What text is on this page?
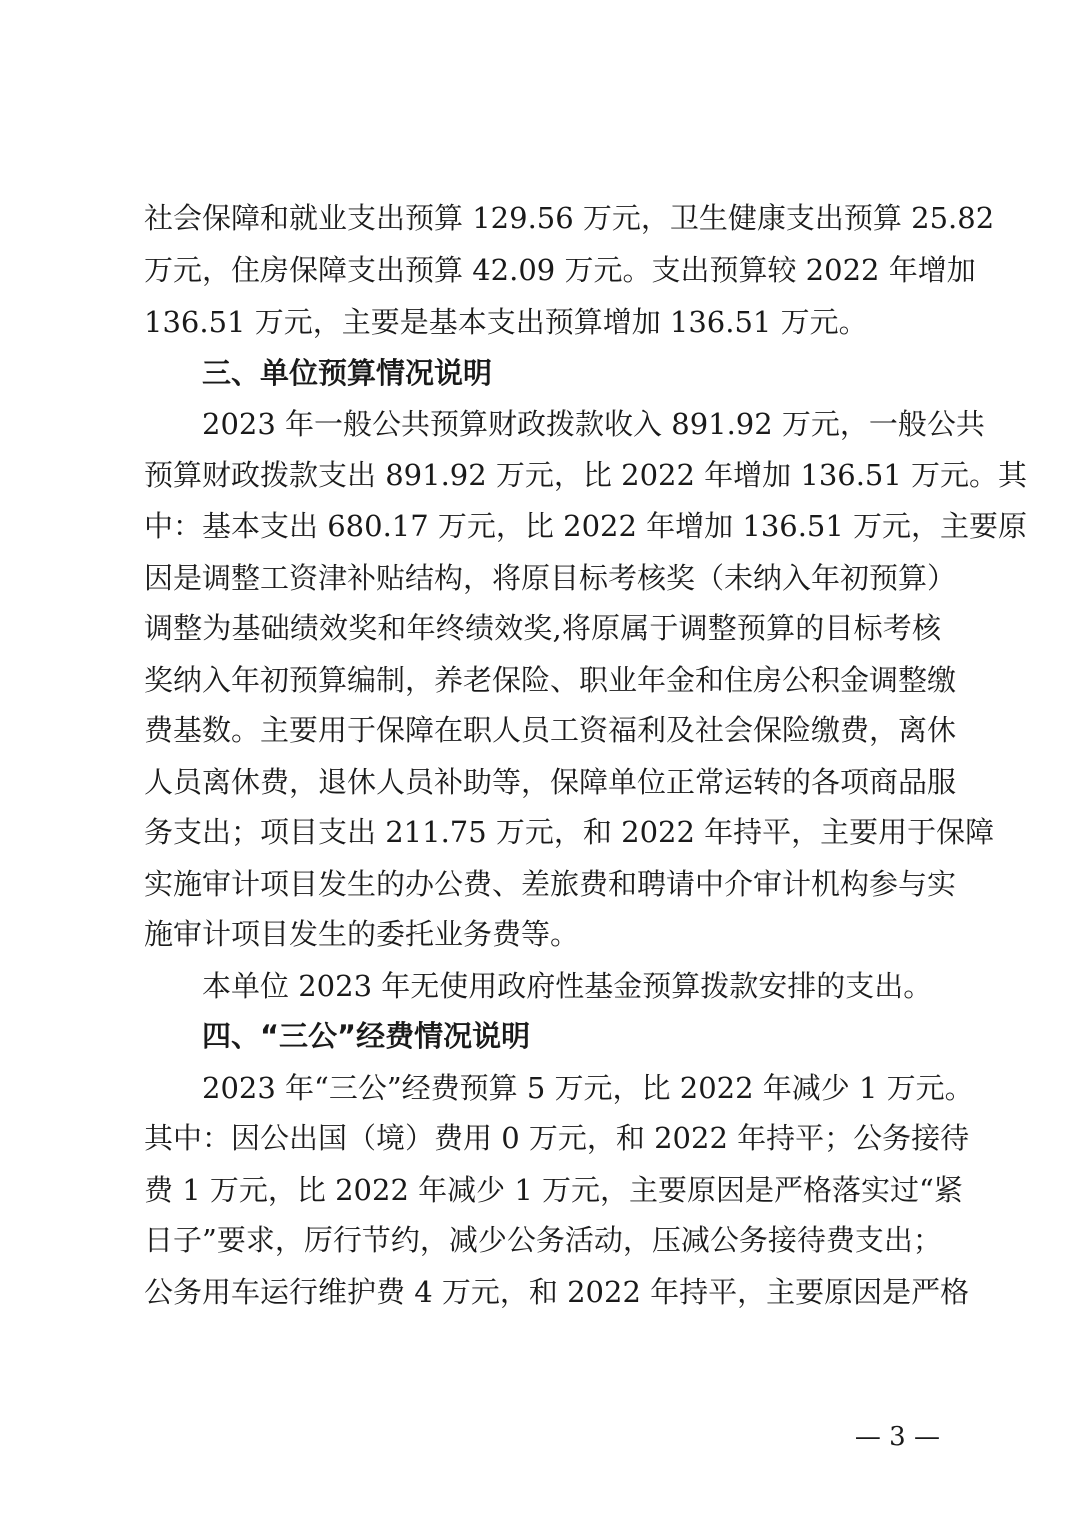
社会保障和就业支出预算 129.56 万元，卫生健康支出预算 25.82
万元，住房保障支出预算 42.09 万元。支出预算较 2022 年增加
136.51 万元，主要是基本支出预算增加 136.51 万元。
三、单位预算情况说明
2023 年一般公共预算财政拨款收入 891.92 万元，一般公共
预算财政拨款支出 891.92 万元，比 2022 年增加 136.51 万元。其
中：基本支出 680.17 万元，比 2022 年增加 136.51 万元，主要原
因是调整工资津补贴结构，将原目标考核奖（未纳入年初预算）
调整为基础绩效奖和年终绩效奖,将原属于调整预算的目标考核
奖纳入年初预算编制，养老保险、职业年金和住房公积金调整缴
费基数。主要用于保障在职人员工资福利及社会保险缴费，离休
人员离休费，退休人员补助等，保障单位正常运转的各项商品服
务支出；项目支出 211.75 万元，和 2022 年持平，主要用于保障
实施审计项目发生的办公费、差旅费和聘请中介审计机构参与实
施审计项目发生的委托业务费等。
本单位 2023 年无使用政府性基金预算拨款安排的支出。
四、“三公”经费情况说明
2023 年“三公”经费预算 5 万元，比 2022 年减少 1 万元。
其中：因公出国（境）费用 0 万元，和 2022 年持平；公务接待
费 1 万元，比 2022 年减少 1 万元，主要原因是严格落实过“紧
日子”要求，厉行节约，减少公务活动，压减公务接待费支出；
公务用车运行维护费 4 万元，和 2022 年持平，主要原因是严格
— 3 —
